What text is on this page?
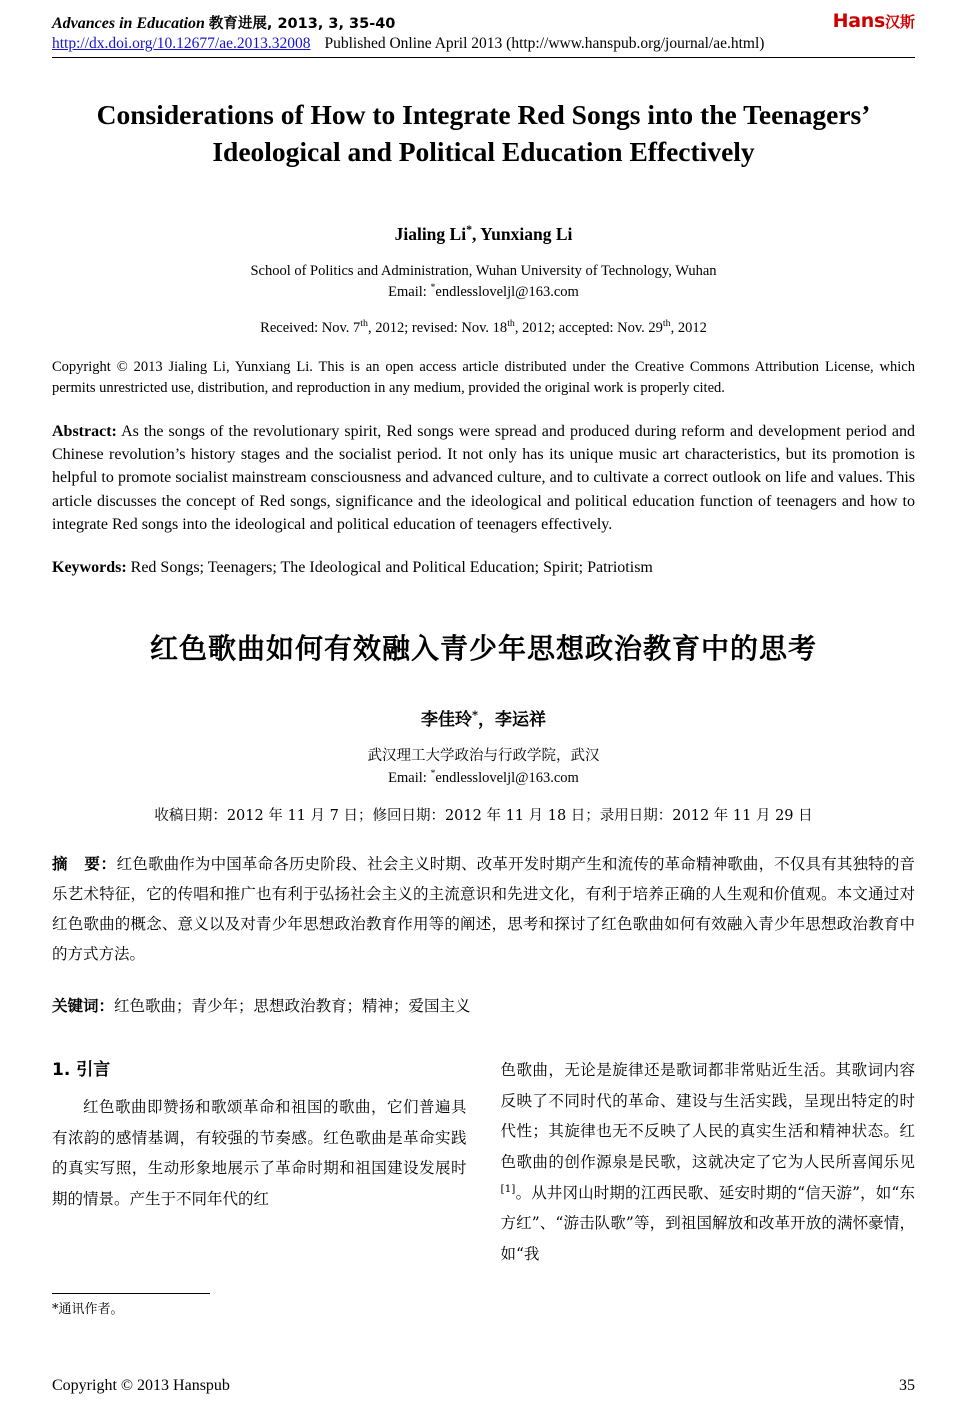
Advances in Education 教育进展, 2013, 3, 35-40
http://dx.doi.org/10.12677/ae.2013.32008 Published Online April 2013 (http://www.hanspub.org/journal/ae.html)
Hans汉斯
Considerations of How to Integrate Red Songs into the Teenagers’ Ideological and Political Education Effectively
Jialing Li*, Yunxiang Li
School of Politics and Administration, Wuhan University of Technology, Wuhan
Email: *endlessloveljl@163.com
Received: Nov. 7th, 2012; revised: Nov. 18th, 2012; accepted: Nov. 29th, 2012
Copyright © 2013 Jialing Li, Yunxiang Li. This is an open access article distributed under the Creative Commons Attribution License, which permits unrestricted use, distribution, and reproduction in any medium, provided the original work is properly cited.
Abstract: As the songs of the revolutionary spirit, Red songs were spread and produced during reform and development period and Chinese revolution’s history stages and the socialist period. It not only has its unique music art characteristics, but its promotion is helpful to promote socialist mainstream consciousness and advanced culture, and to cultivate a correct outlook on life and values. This article discusses the concept of Red songs, significance and the ideological and political education function of teenagers and how to integrate Red songs into the ideological and political education of teenagers effectively.
Keywords: Red Songs; Teenagers; The Ideological and Political Education; Spirit; Patriotism
红色歌曲如何有效融入青少年思想政治教育中的思考
李佳玲*，李运祥
武汉理工大学政治与行政学院，武汉
Email: *endlessloveljl@163.com
收稿日期：2012 年 11 月 7 日；修回日期：2012 年 11 月 18 日；录用日期：2012 年 11 月 29 日
摘　要：红色歌曲作为中国革命各历史阶段、社会主义时期、改革开发时期产生和流传的革命精神歌曲，不仅具有其独特的音乐艺术特征，它的传唱和推广也有利于弘扬社会主义的主流意识和先进文化，有利于培养正确的人生观和价值观。本文通过对红色歌曲的概念、意义以及对青少年思想政治教育作用等的阐述，思考和探讨了红色歌曲如何有效融入青少年思想政治教育中的方式方法。
关键词：红色歌曲；青少年；思想政治教育；精神；爱国主义
1. 引言

红色歌曲即赞扬和歌颂革命和祖国的歌曲，它们普遍具有浓韵的感情基调，有较强的节奏感。红色歌曲是革命实践的真实写照，生动形象地展示了革命时期和祖国建设发展时期的情景。产生于不同年代的红

*通讯作者。

色歌曲，无论是旋律还是歌词都非常贴近生活。其歌词内容反映了不同时代的革命、建设与生活实践，呈现出特定的时代性；其旋律也无不反映了人民的真实生活和精神状态。红色歌曲的创作源泉是民歌，这就决定了它为人民所喜闻乐见[1]。从井冈山时期的江西民歌、延安时期的“信天游”，如“东方红”、“游击队歌”等，到祖国解放和改革开放的满怀豪情，如“我

Copyright © 2013 Hanspub	35
